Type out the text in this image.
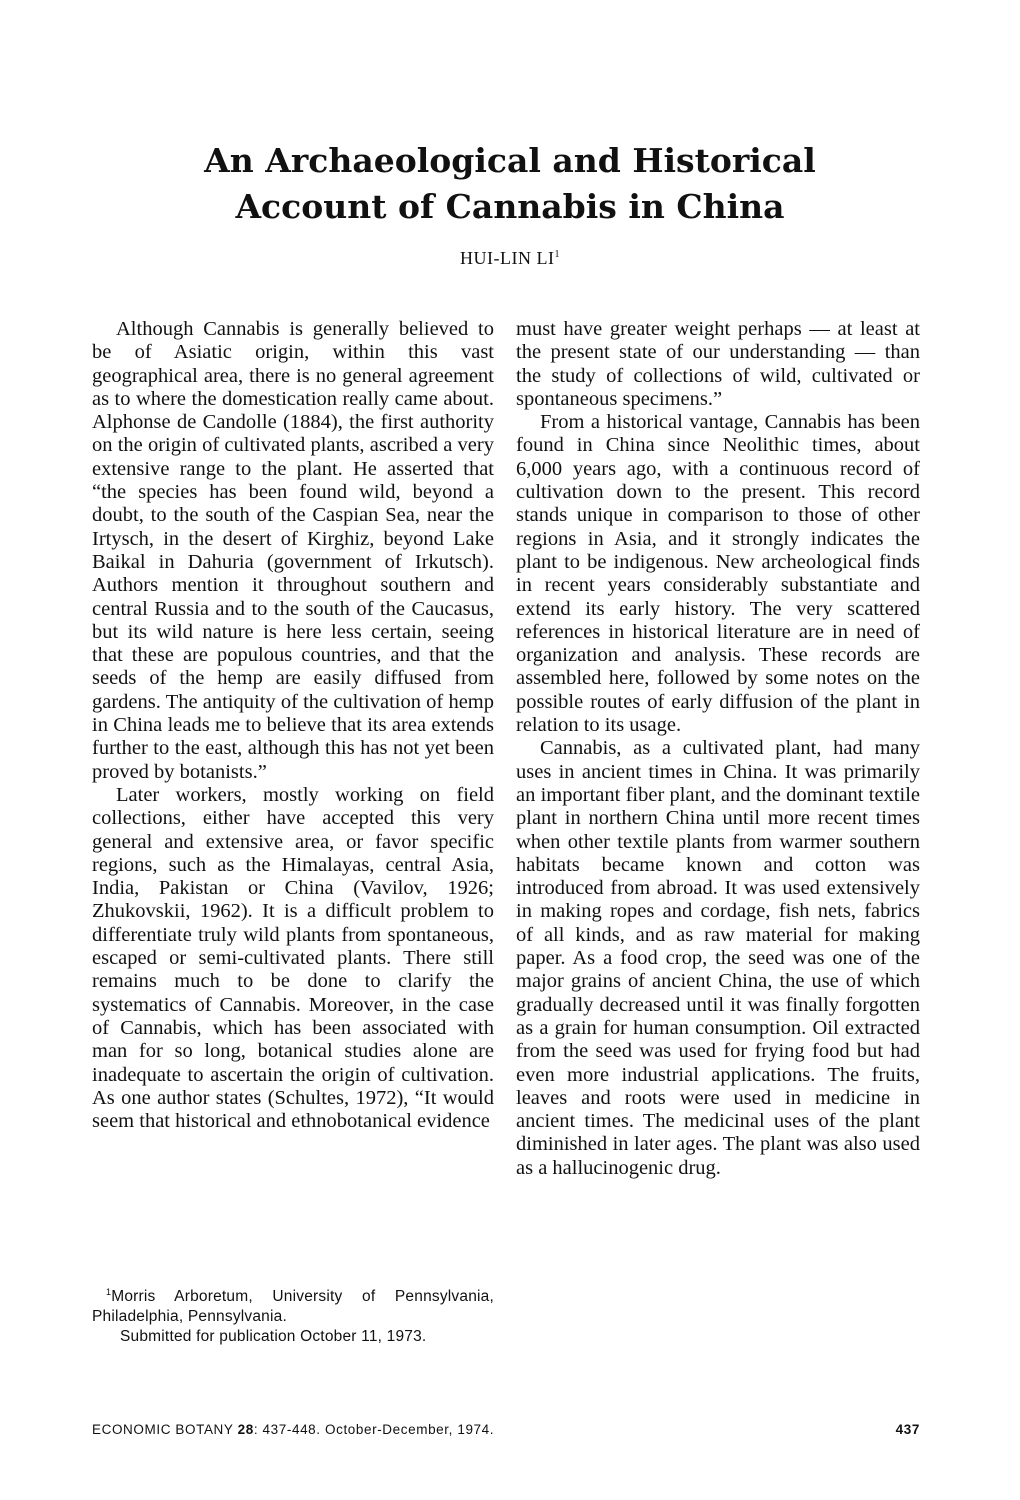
An Archaeological and Historical
Account of Cannabis in China
HUI-LIN $LI^1$

Although Cannabis is generally believed to be of Asiatic origin, within this vast geographical area, there is no general agreement as to where the domestication really came about. Alphonse de Candolle (1884), the first authority on the origin of cultivated plants, ascribed a very extensive range to the plant. He asserted that “the species has been found wild, beyond a doubt, to the south of the Caspian Sea, near the Irtysch, in the desert of Kirghiz, beyond Lake Baikal in Dahuria (government of Irkutsch). Authors mention it throughout southern and central Russia and to the south of the Caucasus, but its wild nature is here less certain, seeing that these are populous countries, and that the seeds of the hemp are easily diffused from gardens. The antiquity of the cultivation of hemp in China leads me to believe that its area extends further to the east, although this has not yet been proved by botanists.”

Later workers, mostly working on field collections, either have accepted this very general and extensive area, or favor specific regions, such as the Himalayas, central Asia, India, Pakistan or China (Vavilov, 1926; Zhukovskii, 1962). It is a difficult problem to differentiate truly wild plants from spontaneous, escaped or semi-cultivated plants. There still remains much to be done to clarify the systematics of Cannabis. Moreover, in the case of Cannabis, which has been associated with man for so long, botanical studies alone are inadequate to ascertain the origin of cultivation. As one author states (Schultes, 1972), “It would seem that historical and ethnobotanical evidence

must have greater weight perhaps — at least at the present state of our understanding — than the study of collections of wild, cultivated or spontaneous specimens.”

From a historical vantage, Cannabis has been found in China since Neolithic times, about 6,000 years ago, with a continuous record of cultivation down to the present. This record stands unique in comparison to those of other regions in Asia, and it strongly indicates the plant to be indigenous. New archeological finds in recent years considerably substantiate and extend its early history. The very scattered references in historical literature are in need of organization and analysis. These records are assembled here, followed by some notes on the possible routes of early diffusion of the plant in relation to its usage.

Cannabis, as a cultivated plant, had many uses in ancient times in China. It was primarily an important fiber plant, and the dominant textile plant in northern China until more recent times when other textile plants from warmer southern habitats became known and cotton was introduced from abroad. It was used extensively in making ropes and cordage, fish nets, fabrics of all kinds, and as raw material for making paper. As a food crop, the seed was one of the major grains of ancient China, the use of which gradually decreased until it was finally forgotten as a grain for human consumption. Oil extracted from the seed was used for frying food but had even more industrial applications. The fruits, leaves and roots were used in medicine in ancient times. The medicinal uses of the plant diminished in later ages. The plant was also used as a hallucinogenic drug.

$^1$Morris Arboretum, University of Pennsylvania, Philadelphia, Pennsylvania.

Submitted for publication October 11, 1973.

ECONOMIC BOTANY 28: 437-448. October-December, 1974.	437
